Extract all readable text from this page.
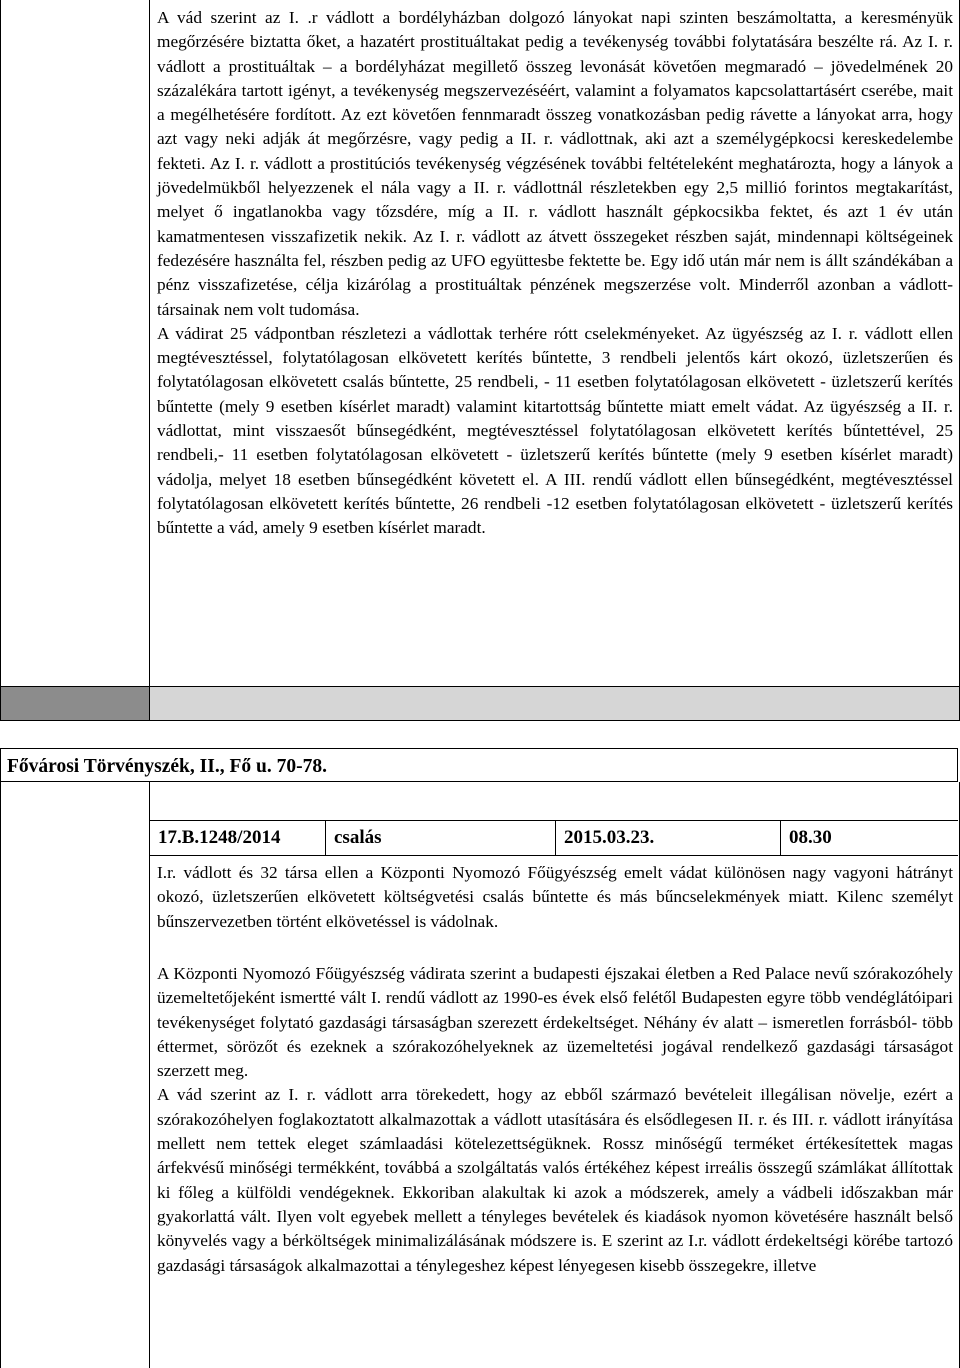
A vád szerint az I. .r vádlott a bordélyházban dolgozó lányokat napi szinten beszámoltatta, a keresményük megőrzésére biztatta őket, a hazatért prostituáltakat pedig a tevékenység további folytatására beszélte rá. Az I. r. vádlott a prostituáltak – a bordélyházat megillető összeg levonását követően megmaradó – jövedelmének 20 százalékára tartott igényt, a tevékenység megszervezéséért, valamint a folyamatos kapcsolattartásért cserébe, mait a megélhetésére fordított. Az ezt követően fennmaradt összeg vonatkozásban pedig rávette a lányokat arra, hogy azt vagy neki adják át megőrzésre, vagy pedig a II. r. vádlottnak, aki azt a személygépkocsi kereskedelembe fekteti. Az I. r. vádlott a prostitúciós tevékenység végzésének további feltételeként meghatározta, hogy a lányok a jövedelmükből helyezzenek el nála vagy a II. r. vádlottnál részletekben egy 2,5 millió forintos megtakarítást, melyet ő ingatlanokba vagy tőzsdére, míg a II. r. vádlott használt gépkocsikba fektet, és azt 1 év után kamatmentesen visszafizetik nekik. Az I. r. vádlott az átvett összegeket részben saját, mindennapi költségeinek fedezésére használta fel, részben pedig az UFO együttesbe fektette be. Egy idő után már nem is állt szándékában a pénz visszafizetése, célja kizárólag a prostituáltak pénzének megszerzése volt. Minderről azonban a vádlott-társainak nem volt tudomása.

A vádirat 25 vádpontban részletezi a vádlottak terhére rótt cselekményeket. Az ügyészség az I. r. vádlott ellen megtévesztéssel, folytatólagosan elkövetett kerítés bűntette, 3 rendbeli jelentős kárt okozó, üzletszerűen és folytatólagosan elkövetett csalás bűntette, 25 rendbeli, - 11 esetben folytatólagosan elkövetett - üzletszerű kerítés bűntette (mely 9 esetben kísérlet maradt) valamint kitartottság bűntette miatt emelt vádat. Az ügyészség a II. r. vádlottat, mint visszaesőt bűnsegédként, megtévesztéssel folytatólagosan elkövetett kerítés bűntettével, 25 rendbeli,- 11 esetben folytatólagosan elkövetett - üzletszerű kerítés bűntette (mely 9 esetben kísérlet maradt) vádolja, melyet 18 esetben bűnsegédként követett el. A III. rendű vádlott ellen bűnsegédként, megtévesztéssel folytatólagosan elkövetett kerítés bűntette, 26 rendbeli -12 esetben folytatólagosan elkövetett - üzletszerű kerítés bűntette a vád, amely 9 esetben kísérlet maradt.

Fővárosi Törvényszék, II., Fő u. 70-78.
17.B.1248/2014	csalás	2015.03.23.	08.30

I.r. vádlott és 32 társa ellen a Központi Nyomozó Főügyészség emelt vádat különösen nagy vagyoni hátrányt okozó, üzletszerűen elkövetett költségvetési csalás bűntette és más bűncselekmények miatt. Kilenc személyt bűnszervezetben történt elkövetéssel is vádolnak.

A Központi Nyomozó Főügyészség vádirata szerint a budapesti éjszakai életben a Red Palace nevű szórakozóhely üzemeltetőjeként ismertté vált I. rendű vádlott az 1990-es évek első felétől Budapesten egyre több vendéglátóipari tevékenységet folytató gazdasági társaságban szerezett érdekeltséget. Néhány év alatt – ismeretlen forrásból- több éttermet, sörözőt és ezeknek a szórakozóhelyeknek az üzemeltetési jogával rendelkező gazdasági társaságot szerzett meg.

A vád szerint az I. r. vádlott arra törekedett, hogy az ebből származó bevételeit illegálisan növelje, ezért a szórakozóhelyen foglakoztatott alkalmazottak a vádlott utasítására és elsődlegesen II. r. és III. r. vádlott irányítása mellett nem tettek eleget számlaadási kötelezettségüknek. Rossz minőségű terméket értékesítettek magas árfekvésű minőségi termékként, továbbá a szolgáltatás valós értékéhez képest irreális összegű számlákat állítottak ki főleg a külföldi vendégeknek. Ekkoriban alakultak ki azok a módszerek, amely a vádbeli időszakban már gyakorlattá vált. Ilyen volt egyebek mellett a tényleges bevételek és kiadások nyomon követésére használt belső könyvelés vagy a bérköltségek minimalizálásának módszere is. E szerint az I.r. vádlott érdekeltségi körébe tartozó gazdasági társaságok alkalmazottai a ténylegeshez képest lényegesen kisebb összegekre, illetve
